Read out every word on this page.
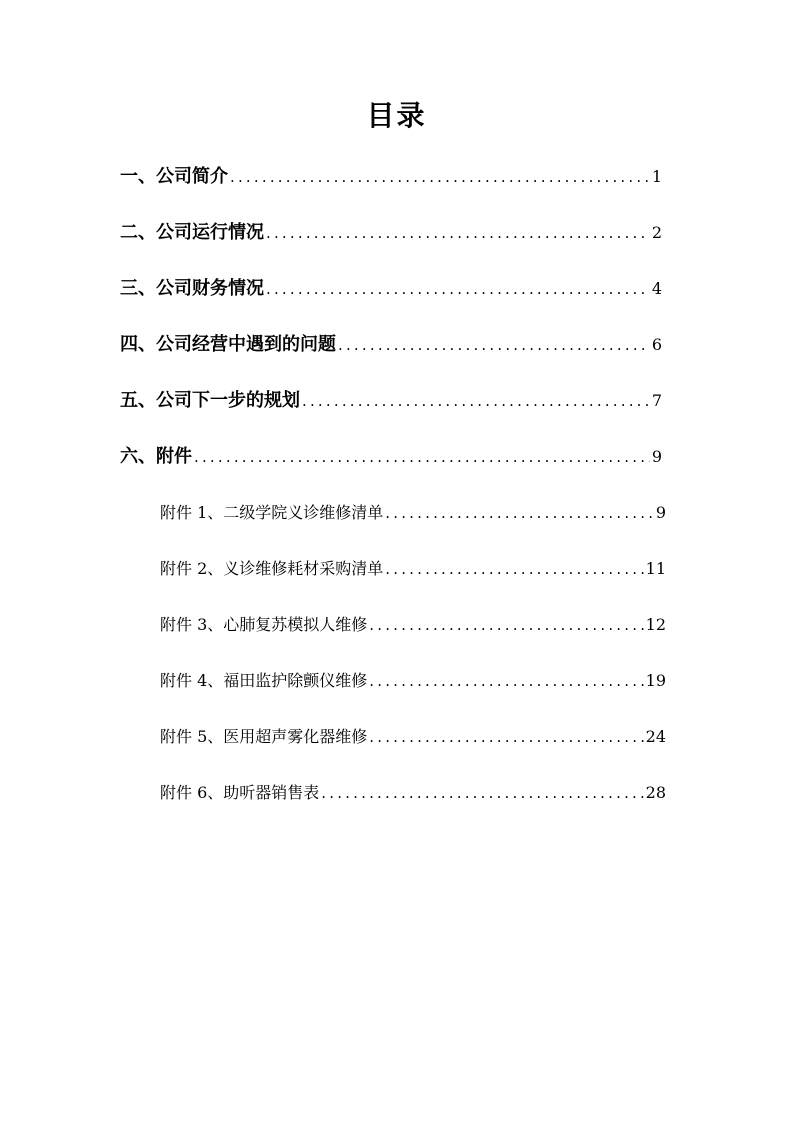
目录
一、公司简介 .....	1
二、公司运行情况 .....	2
三、公司财务情况 .....	4
四、公司经营中遇到的问题 .....	6
五、公司下一步的规划 .....	7
六、附件 .....	9
附件 1、二级学院义诊维修清单 .....	9
附件 2、义诊维修耗材采购清单 .....	11
附件 3、心肺复苏模拟人维修 .....	12
附件 4、福田监护除颤仪维修 .....	19
附件 5、医用超声雾化器维修 .....	24
附件 6、助听器销售表 .....	28
